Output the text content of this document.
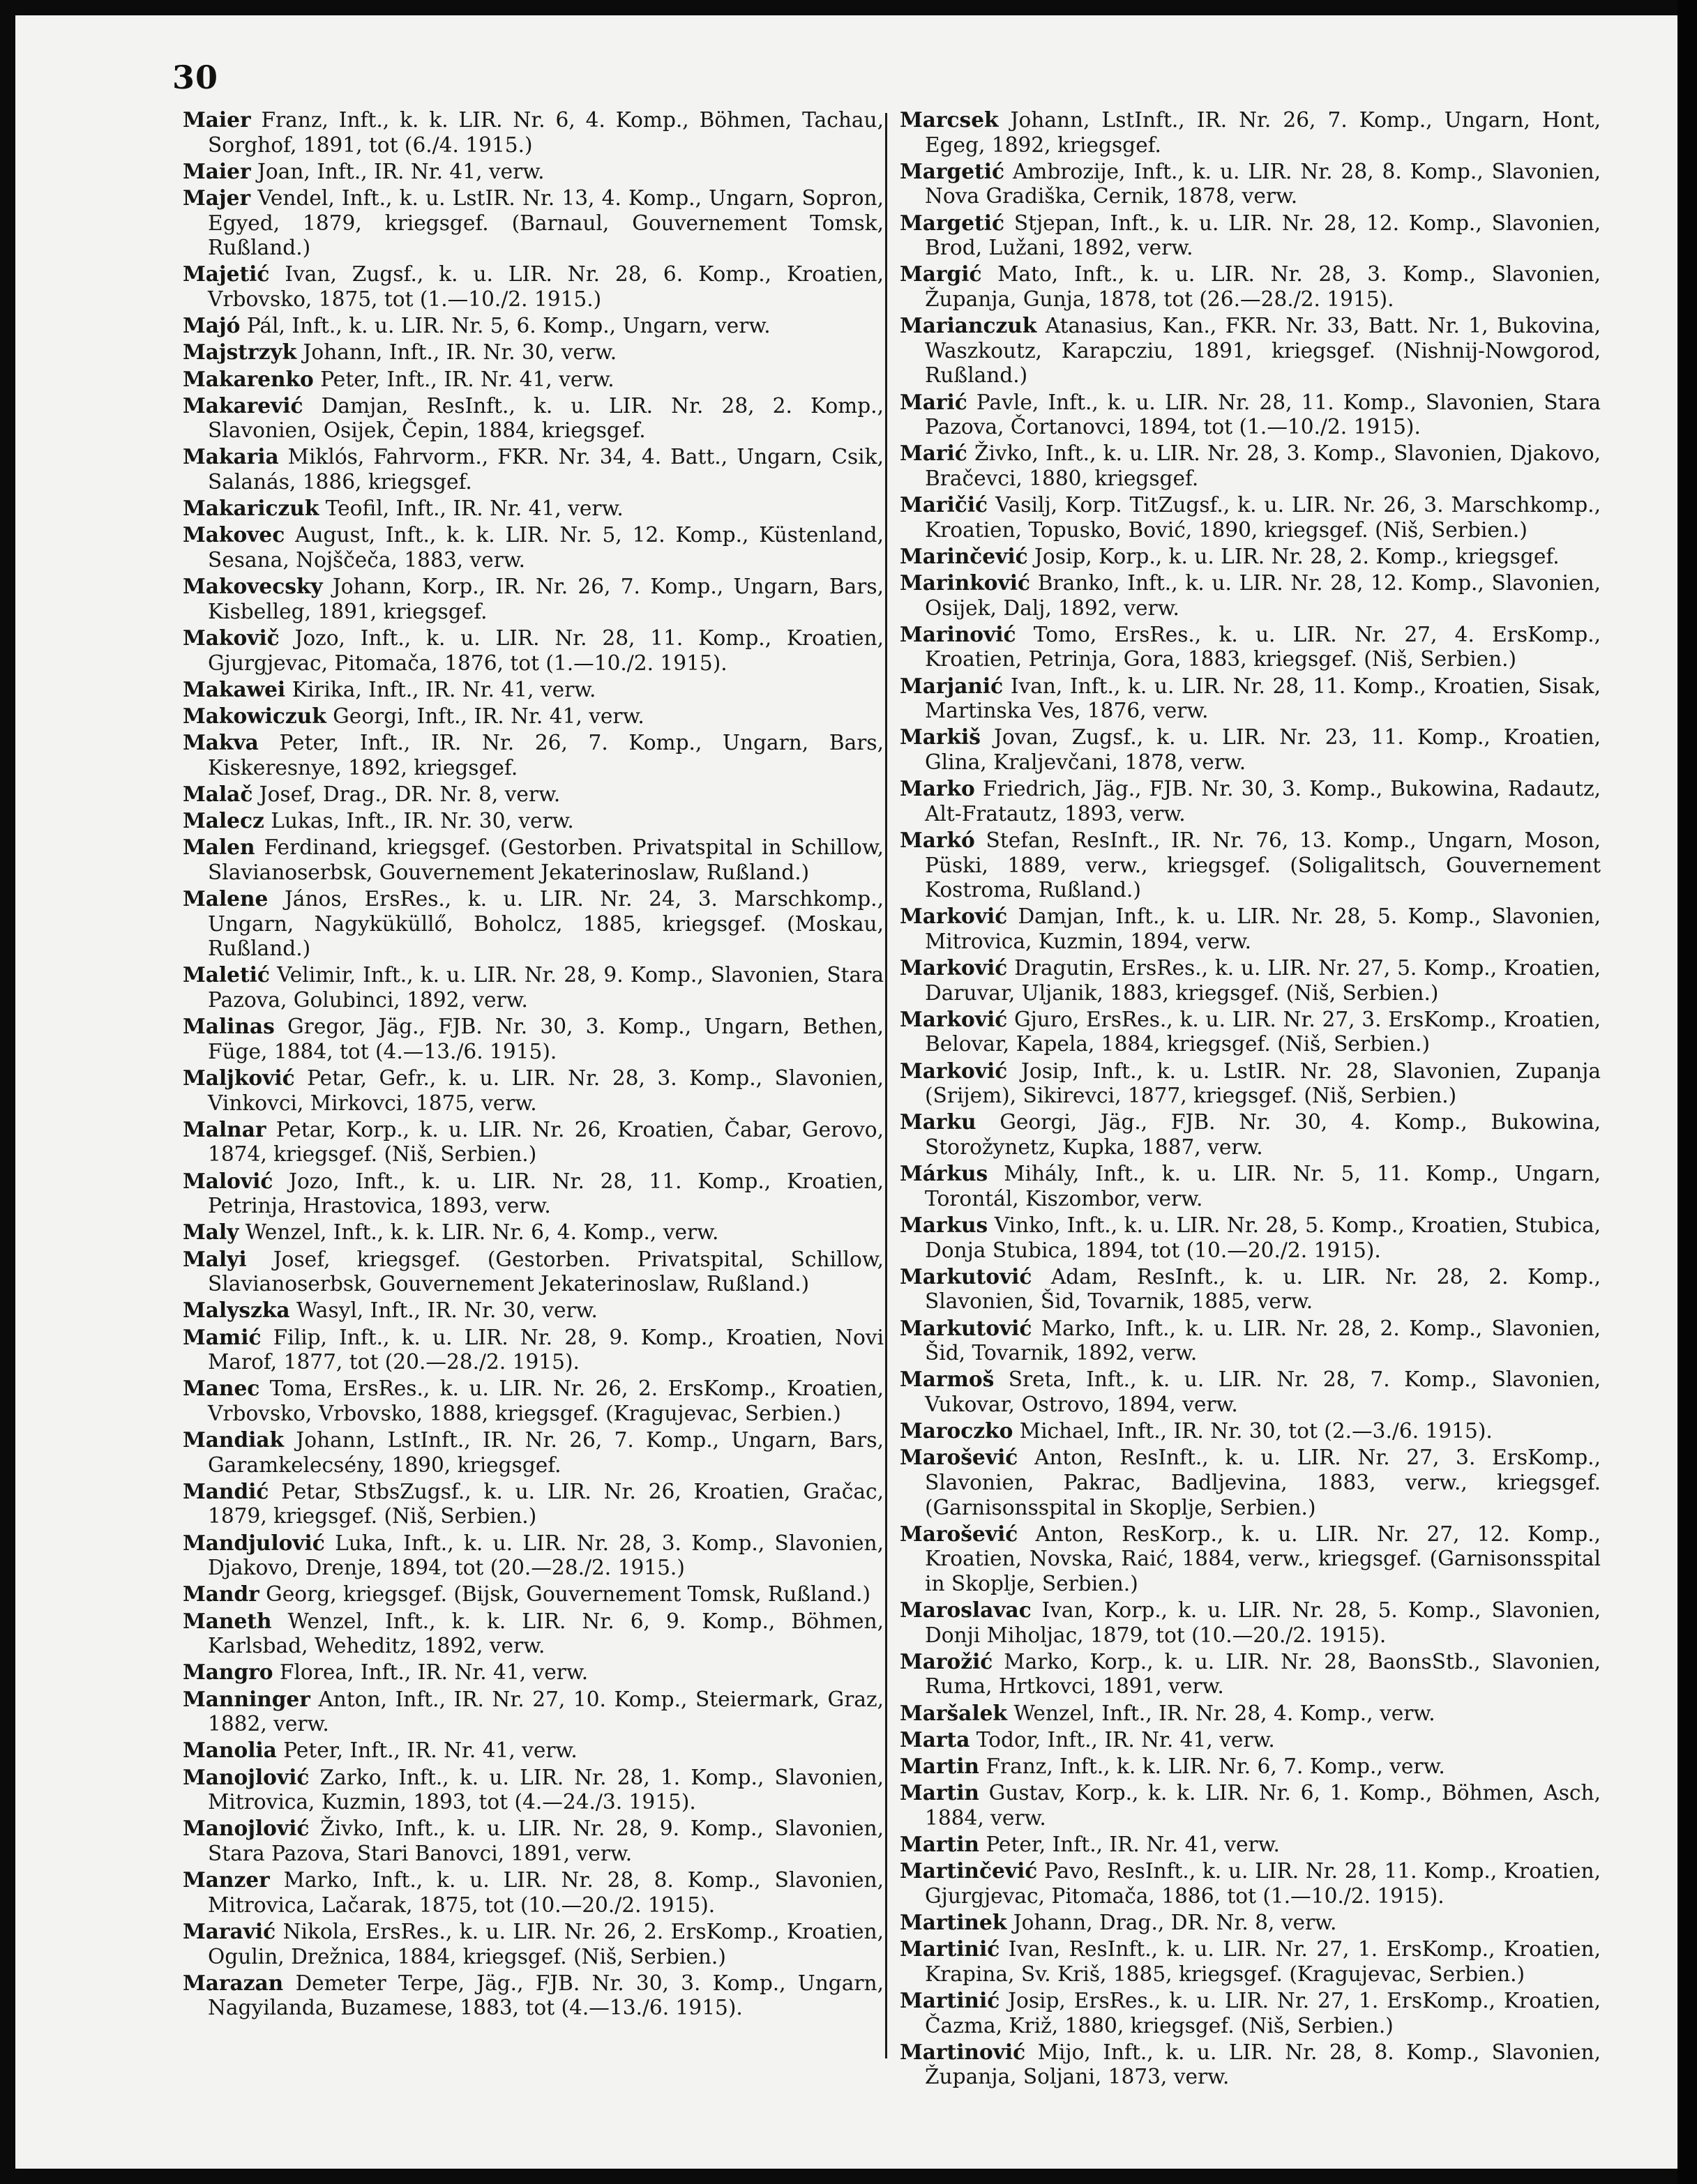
30

Maier Franz, Inft., k. k. LIR. Nr. 6, 4. Komp., Böhmen, Tachau, Sorghof, 1891, tot (6./4. 1915.)

Maier Joan, Inft., IR. Nr. 41, verw.

Majer Vendel, Inft., k. u. LstIR. Nr. 13, 4. Komp., Ungarn, Sopron, Egyed, 1879, kriegsgef. (Barnaul, Gouvernement Tomsk, Rußland.)

Majetić Ivan, Zugsf., k. u. LIR. Nr. 28, 6. Komp., Kroatien, Vrbovsko, 1875, tot (1.—10./2. 1915.)

Majó Pál, Inft., k. u. LIR. Nr. 5, 6. Komp., Ungarn, verw.

Majstrzyk Johann, Inft., IR. Nr. 30, verw.

Makarenko Peter, Inft., IR. Nr. 41, verw.

Makarević Damjan, ResInft., k. u. LIR. Nr. 28, 2. Komp., Slavonien, Osijek, Čepin, 1884, kriegsgef.

Makaria Miklós, Fahrvorm., FKR. Nr. 34, 4. Batt., Ungarn, Csik, Salanás, 1886, kriegsgef.

Makariczuk Teofil, Inft., IR. Nr. 41, verw.

Makovec August, Inft., k. k. LIR. Nr. 5, 12. Komp., Küstenland, Sesana, Nojščeča, 1883, verw.

Makovecsky Johann, Korp., IR. Nr. 26, 7. Komp., Ungarn, Bars, Kisbelleg, 1891, kriegsgef.

Makovič Jozo, Inft., k. u. LIR. Nr. 28, 11. Komp., Kroatien, Gjurgjevac, Pitomača, 1876, tot (1.—10./2. 1915).

Makawei Kirika, Inft., IR. Nr. 41, verw.

Makowiczuk Georgi, Inft., IR. Nr. 41, verw.

Makva Peter, Inft., IR. Nr. 26, 7. Komp., Ungarn, Bars, Kiskeresnye, 1892, kriegsgef.

Malač Josef, Drag., DR. Nr. 8, verw.

Malecz Lukas, Inft., IR. Nr. 30, verw.

Malen Ferdinand, kriegsgef. (Gestorben. Privatspital in Schillow, Slavianoserbsk, Gouvernement Jekaterinoslaw, Rußland.)

Malene János, ErsRes., k. u. LIR. Nr. 24, 3. Marschkomp., Ungarn, Nagyküküllő, Boholcz, 1885, kriegsgef. (Moskau, Rußland.)

Maletić Velimir, Inft., k. u. LIR. Nr. 28, 9. Komp., Slavonien, Stara Pazova, Golubinci, 1892, verw.

Malinas Gregor, Jäg., FJB. Nr. 30, 3. Komp., Ungarn, Bethen, Füge, 1884, tot (4.—13./6. 1915).

Maljković Petar, Gefr., k. u. LIR. Nr. 28, 3. Komp., Slavonien, Vinkovci, Mirkovci, 1875, verw.

Malnar Petar, Korp., k. u. LIR. Nr. 26, Kroatien, Čabar, Gerovo, 1874, kriegsgef. (Niš, Serbien.)

Malović Jozo, Inft., k. u. LIR. Nr. 28, 11. Komp., Kroatien, Petrinja, Hrastovica, 1893, verw.

Maly Wenzel, Inft., k. k. LIR. Nr. 6, 4. Komp., verw.

Malyi Josef, kriegsgef. (Gestorben. Privatspital, Schillow, Slavianoserbsk, Gouvernement Jekaterinoslaw, Rußland.)

Malyszka Wasyl, Inft., IR. Nr. 30, verw.

Mamić Filip, Inft., k. u. LIR. Nr. 28, 9. Komp., Kroatien, Novi Marof, 1877, tot (20.—28./2. 1915).

Manec Toma, ErsRes., k. u. LIR. Nr. 26, 2. ErsKomp., Kroatien, Vrbovsko, Vrbovsko, 1888, kriegsgef. (Kragujevac, Serbien.)

Mandiak Johann, LstInft., IR. Nr. 26, 7. Komp., Ungarn, Bars, Garamkelecsény, 1890, kriegsgef.

Mandić Petar, StbsZugsf., k. u. LIR. Nr. 26, Kroatien, Gračac, 1879, kriegsgef. (Niš, Serbien.)

Mandjulović Luka, Inft., k. u. LIR. Nr. 28, 3. Komp., Slavonien, Djakovo, Drenje, 1894, tot (20.—28./2. 1915.)

Mandr Georg, kriegsgef. (Bijsk, Gouvernement Tomsk, Rußland.)

Maneth Wenzel, Inft., k. k. LIR. Nr. 6, 9. Komp., Böhmen, Karlsbad, Weheditz, 1892, verw.

Mangro Florea, Inft., IR. Nr. 41, verw.

Manninger Anton, Inft., IR. Nr. 27, 10. Komp., Steiermark, Graz, 1882, verw.

Manolia Peter, Inft., IR. Nr. 41, verw.

Manojlović Zarko, Inft., k. u. LIR. Nr. 28, 1. Komp., Slavonien, Mitrovica, Kuzmin, 1893, tot (4.—24./3. 1915).

Manojlović Živko, Inft., k. u. LIR. Nr. 28, 9. Komp., Slavonien, Stara Pazova, Stari Banovci, 1891, verw.

Manzer Marko, Inft., k. u. LIR. Nr. 28, 8. Komp., Slavonien, Mitrovica, Lačarak, 1875, tot (10.—20./2. 1915).

Maravić Nikola, ErsRes., k. u. LIR. Nr. 26, 2. ErsKomp., Kroatien, Ogulin, Drežnica, 1884, kriegsgef. (Niš, Serbien.)

Marazan Demeter Terpe, Jäg., FJB. Nr. 30, 3. Komp., Ungarn, Nagyilanda, Buzamese, 1883, tot (4.—13./6. 1915).

Marcsek Johann, LstInft., IR. Nr. 26, 7. Komp., Ungarn, Hont, Egeg, 1892, kriegsgef.

Margetić Ambrozije, Inft., k. u. LIR. Nr. 28, 8. Komp., Slavonien, Nova Gradiška, Cernik, 1878, verw.

Margetić Stjepan, Inft., k. u. LIR. Nr. 28, 12. Komp., Slavonien, Brod, Lužani, 1892, verw.

Margić Mato, Inft., k. u. LIR. Nr. 28, 3. Komp., Slavonien, Županja, Gunja, 1878, tot (26.—28./2. 1915).

Marianczuk Atanasius, Kan., FKR. Nr. 33, Batt. Nr. 1, Bukovina, Waszkoutz, Karapcziu, 1891, kriegsgef. (Nishnij-Nowgorod, Rußland.)

Marić Pavle, Inft., k. u. LIR. Nr. 28, 11. Komp., Slavonien, Stara Pazova, Čortanovci, 1894, tot (1.—10./2. 1915).

Marić Živko, Inft., k. u. LIR. Nr. 28, 3. Komp., Slavonien, Djakovo, Bračevci, 1880, kriegsgef.

Maričić Vasilj, Korp. TitZugsf., k. u. LIR. Nr. 26, 3. Marschkomp., Kroatien, Topusko, Bović, 1890, kriegsgef. (Niš, Serbien.)

Marinčević Josip, Korp., k. u. LIR. Nr. 28, 2. Komp., kriegsgef.

Marinković Branko, Inft., k. u. LIR. Nr. 28, 12. Komp., Slavonien, Osijek, Dalj, 1892, verw.

Marinović Tomo, ErsRes., k. u. LIR. Nr. 27, 4. ErsKomp., Kroatien, Petrinja, Gora, 1883, kriegsgef. (Niš, Serbien.)

Marjanić Ivan, Inft., k. u. LIR. Nr. 28, 11. Komp., Kroatien, Sisak, Martinska Ves, 1876, verw.

Markiš Jovan, Zugsf., k. u. LIR. Nr. 23, 11. Komp., Kroatien, Glina, Kraljevčani, 1878, verw.

Marko Friedrich, Jäg., FJB. Nr. 30, 3. Komp., Bukowina, Radautz, Alt-Fratautz, 1893, verw.

Markó Stefan, ResInft., IR. Nr. 76, 13. Komp., Ungarn, Moson, Püski, 1889, verw., kriegsgef. (Soligalitsch, Gouvernement Kostroma, Rußland.)

Marković Damjan, Inft., k. u. LIR. Nr. 28, 5. Komp., Slavonien, Mitrovica, Kuzmin, 1894, verw.

Marković Dragutin, ErsRes., k. u. LIR. Nr. 27, 5. Komp., Kroatien, Daruvar, Uljanik, 1883, kriegsgef. (Niš, Serbien.)

Marković Gjuro, ErsRes., k. u. LIR. Nr. 27, 3. ErsKomp., Kroatien, Belovar, Kapela, 1884, kriegsgef. (Niš, Serbien.)

Marković Josip, Inft., k. u. LstIR. Nr. 28, Slavonien, Zupanja (Srijem), Sikirevci, 1877, kriegsgef. (Niš, Serbien.)

Marku Georgi, Jäg., FJB. Nr. 30, 4. Komp., Bukowina, Storožynetz, Kupka, 1887, verw.

Márkus Mihály, Inft., k. u. LIR. Nr. 5, 11. Komp., Ungarn, Torontál, Kiszombor, verw.

Markus Vinko, Inft., k. u. LIR. Nr. 28, 5. Komp., Kroatien, Stubica, Donja Stubica, 1894, tot (10.—20./2. 1915).

Markutović Adam, ResInft., k. u. LIR. Nr. 28, 2. Komp., Slavonien, Šid, Tovarnik, 1885, verw.

Markutović Marko, Inft., k. u. LIR. Nr. 28, 2. Komp., Slavonien, Šid, Tovarnik, 1892, verw.

Marmoš Sreta, Inft., k. u. LIR. Nr. 28, 7. Komp., Slavonien, Vukovar, Ostrovo, 1894, verw.

Maroczko Michael, Inft., IR. Nr. 30, tot (2.—3./6. 1915).

Marošević Anton, ResInft., k. u. LIR. Nr. 27, 3. ErsKomp., Slavonien, Pakrac, Badljevina, 1883, verw., kriegsgef. (Garnisonsspital in Skoplje, Serbien.)

Marošević Anton, ResKorp., k. u. LIR. Nr. 27, 12. Komp., Kroatien, Novska, Raić, 1884, verw., kriegsgef. (Garnisonsspital in Skoplje, Serbien.)

Maroslavac Ivan, Korp., k. u. LIR. Nr. 28, 5. Komp., Slavonien, Donji Miholjac, 1879, tot (10.—20./2. 1915).

Marožić Marko, Korp., k. u. LIR. Nr. 28, BaonsStb., Slavonien, Ruma, Hrtkovci, 1891, verw.

Maršalek Wenzel, Inft., IR. Nr. 28, 4. Komp., verw.

Marta Todor, Inft., IR. Nr. 41, verw.

Martin Franz, Inft., k. k. LIR. Nr. 6, 7. Komp., verw.

Martin Gustav, Korp., k. k. LIR. Nr. 6, 1. Komp., Böhmen, Asch, 1884, verw.

Martin Peter, Inft., IR. Nr. 41, verw.

Martinčević Pavo, ResInft., k. u. LIR. Nr. 28, 11. Komp., Kroatien, Gjurgjevac, Pitomača, 1886, tot (1.—10./2. 1915).

Martinek Johann, Drag., DR. Nr. 8, verw.

Martinić Ivan, ResInft., k. u. LIR. Nr. 27, 1. ErsKomp., Kroatien, Krapina, Sv. Kriš, 1885, kriegsgef. (Kragujevac, Serbien.)

Martinić Josip, ErsRes., k. u. LIR. Nr. 27, 1. ErsKomp., Kroatien, Čazma, Križ, 1880, kriegsgef. (Niš, Serbien.)

Martinović Mijo, Inft., k. u. LIR. Nr. 28, 8. Komp., Slavonien, Županja, Soljani, 1873, verw.
